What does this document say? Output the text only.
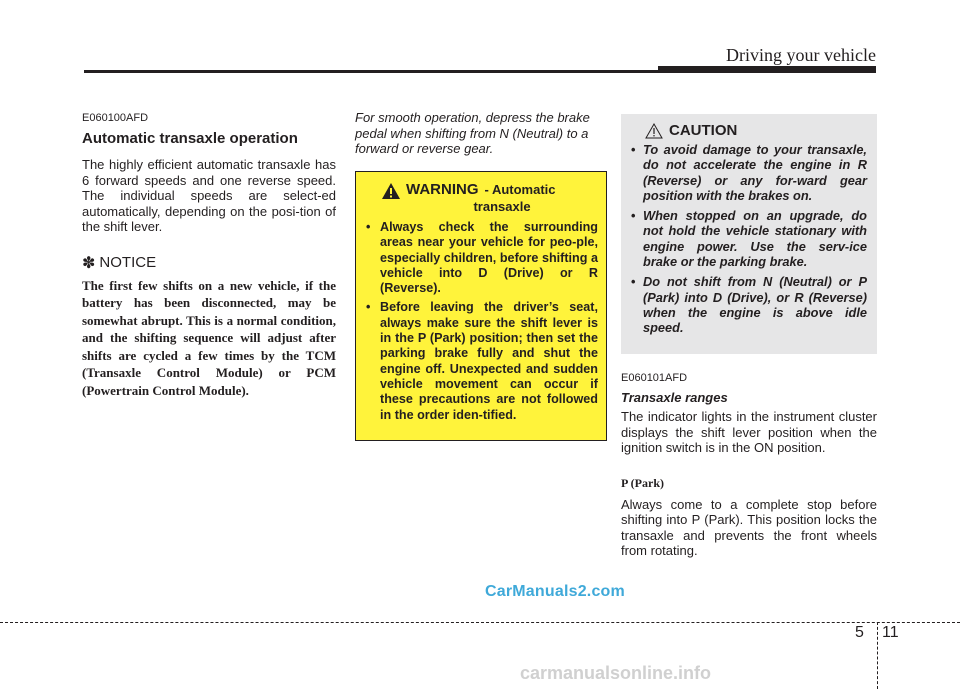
Driving your vehicle
E060100AFD
Automatic transaxle operation

The highly efficient automatic transaxle has 6 forward speeds and one reverse speed. The individual speeds are select-ed automatically, depending on the posi-tion of the shift lever.

✽ NOTICE

The first few shifts on a new vehicle, if the battery has been disconnected, may be somewhat abrupt. This is a normal condition, and the shifting sequence will adjust after shifts are cycled a few times by the TCM (Transaxle Control Module) or PCM (Powertrain Control Module).

For smooth operation, depress the brake pedal when shifting from N (Neutral) to a forward or reverse gear.

WARNING - Automatic
transaxle
• Always check the surrounding areas near your vehicle for peo-ple, especially children, before shifting a vehicle into D (Drive) or R (Reverse).
• Before leaving the driver’s seat, always make sure the shift lever is in the P (Park) position; then set the parking brake fully and shut the engine off. Unexpected and sudden vehicle movement can occur if these precautions are not followed in the order iden-tified.
CAUTION
• To avoid damage to your transaxle, do not accelerate the engine in R (Reverse) or any for-ward gear position with the brakes on.
• When stopped on an upgrade, do not hold the vehicle stationary with engine power. Use the serv-ice brake or the parking brake.
• Do not shift from N (Neutral) or P (Park) into D (Drive), or R (Reverse) when the engine is above idle speed.
E060101AFD
Transaxle ranges

The indicator lights in the instrument cluster displays the shift lever position when the ignition switch is in the ON position.

P (Park)

Always come to a complete stop before shifting into P (Park). This position locks the transaxle and prevents the front wheels from rotating.

CarManuals2.com
5 11
carmanualsonline.info
